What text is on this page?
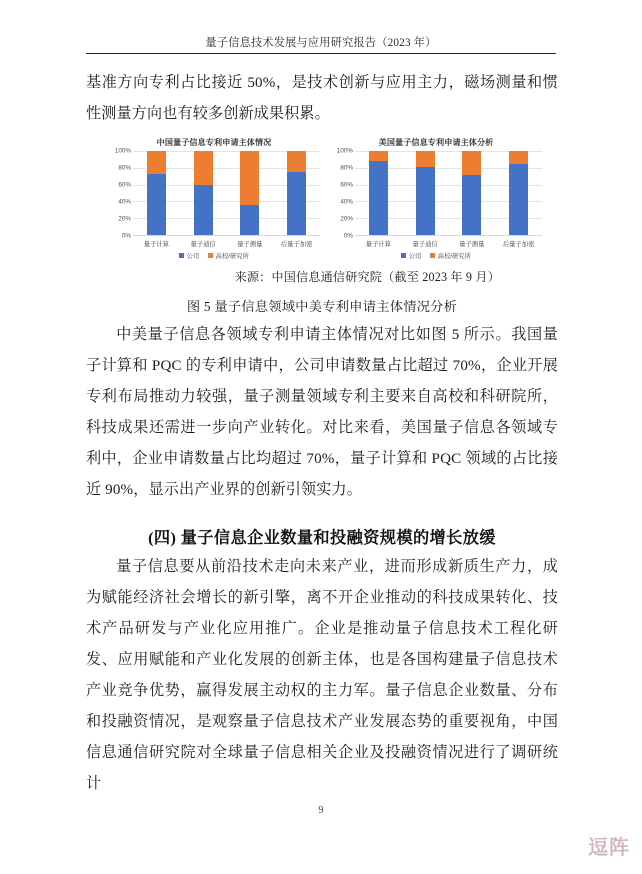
量子信息技术发展与应用研究报告（2023 年）

基准方向专利占比接近 50%，是技术创新与应用主力，磁场测量和惯性测量方向也有较多创新成果积累。

中国量子信息专利申请主体情况
100%
80%
60%
40%
20%
0%
量子计算	量子通信	量子测量	后量子加密
公司	高校/研究所
美国量子信息专利申请主体分析
100%
80%
60%
40%
20%
0%
量子计算	量子通信	量子测量	后量子加密
公司	高校/研究所
来源：中国信息通信研究院（截至 2023 年 9 月）
图 5 量子信息领域中美专利申请主体情况分析

中美量子信息各领域专利申请主体情况对比如图 5 所示。我国量子计算和 PQC 的专利申请中，公司申请数量占比超过 70%，企业开展专利布局推动力较强，量子测量领域专利主要来自高校和科研院所，科技成果还需进一步向产业转化。对比来看，美国量子信息各领域专利中，企业申请数量占比均超过 70%，量子计算和 PQC 领域的占比接近 90%，显示出产业界的创新引领实力。

(四) 量子信息企业数量和投融资规模的增长放缓

量子信息要从前沿技术走向未来产业，进而形成新质生产力，成为赋能经济社会增长的新引擎，离不开企业推动的科技成果转化、技术产品研发与产业化应用推广。企业是推动量子信息技术工程化研发、应用赋能和产业化发展的创新主体，也是各国构建量子信息技术产业竞争优势，赢得发展主动权的主力军。量子信息企业数量、分布和投融资情况，是观察量子信息技术产业发展态势的重要视角，中国信息通信研究院对全球量子信息相关企业及投融资情况进行了调研统计

9
逗阵
